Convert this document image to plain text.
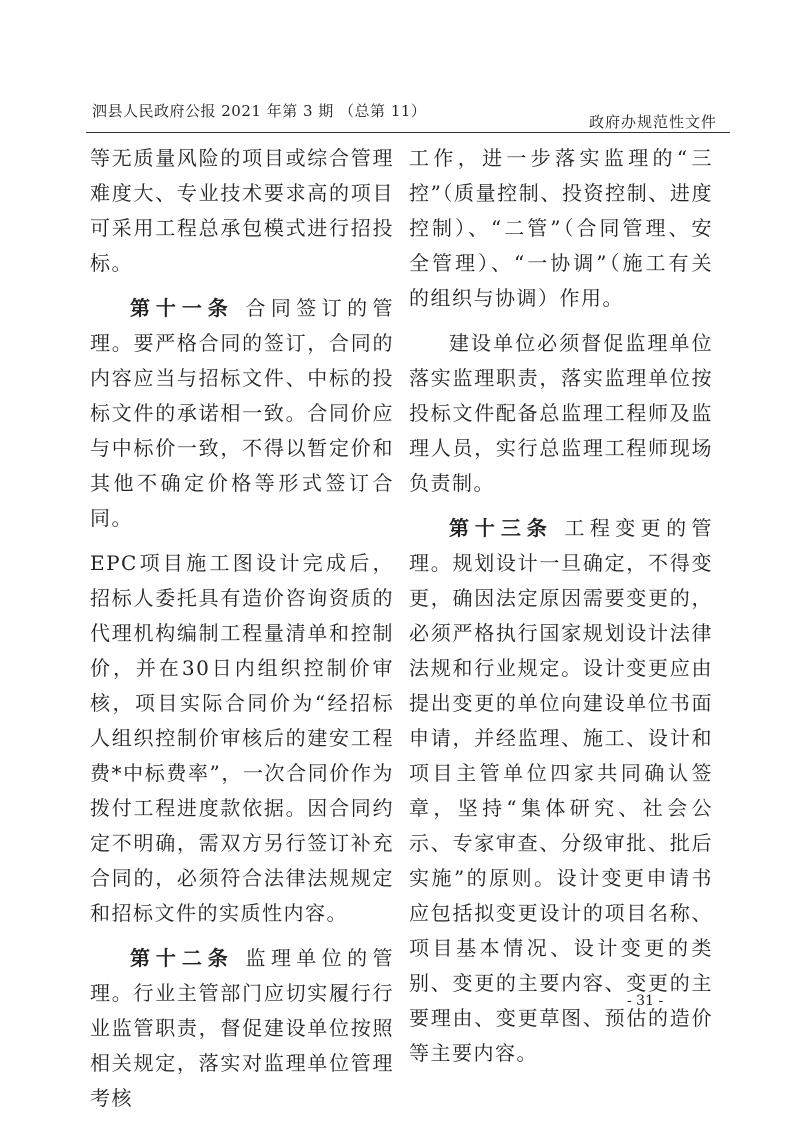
泗县人民政府公报 2021 年第 3 期 （总第 11）
政府办规范性文件

等无质量风险的项目或综合管理难度大、专业技术要求高的项目可采用工程总承包模式进行招投标。

第十一条 合同签订的管理。要严格合同的签订，合同的内容应当与招标文件、中标的投标文件的承诺相一致。合同价应与中标价一致，不得以暂定价和其他不确定价格等形式签订合同。

EPC项目施工图设计完成后，招标人委托具有造价咨询资质的代理机构编制工程量清单和控制价，并在30日内组织控制价审核，项目实际合同价为“经招标人组织控制价审核后的建安工程费*中标费率”，一次合同价作为拨付工程进度款依据。因合同约定不明确，需双方另行签订补充合同的，必须符合法律法规规定和招标文件的实质性内容。

第十二条 监理单位的管理。行业主管部门应切实履行行业监管职责，督促建设单位按照相关规定，落实对监理单位管理考核

工作，进一步落实监理的“三控”（质量控制、投资控制、进度控制）、“二管”（合同管理、安全管理）、“一协调”（施工有关的组织与协调）作用。

建设单位必须督促监理单位落实监理职责，落实监理单位按投标文件配备总监理工程师及监理人员，实行总监理工程师现场负责制。

第十三条 工程变更的管理。规划设计一旦确定，不得变更，确因法定原因需要变更的，必须严格执行国家规划设计法律法规和行业规定。设计变更应由提出变更的单位向建设单位书面申请，并经监理、施工、设计和项目主管单位四家共同确认签章，坚持“集体研究、社会公示、专家审查、分级审批、批后实施”的原则。设计变更申请书应包括拟变更设计的项目名称、项目基本情况、设计变更的类别、变更的主要内容、变更的主要理由、变更草图、预估的造价等主要内容。

- 31 -
